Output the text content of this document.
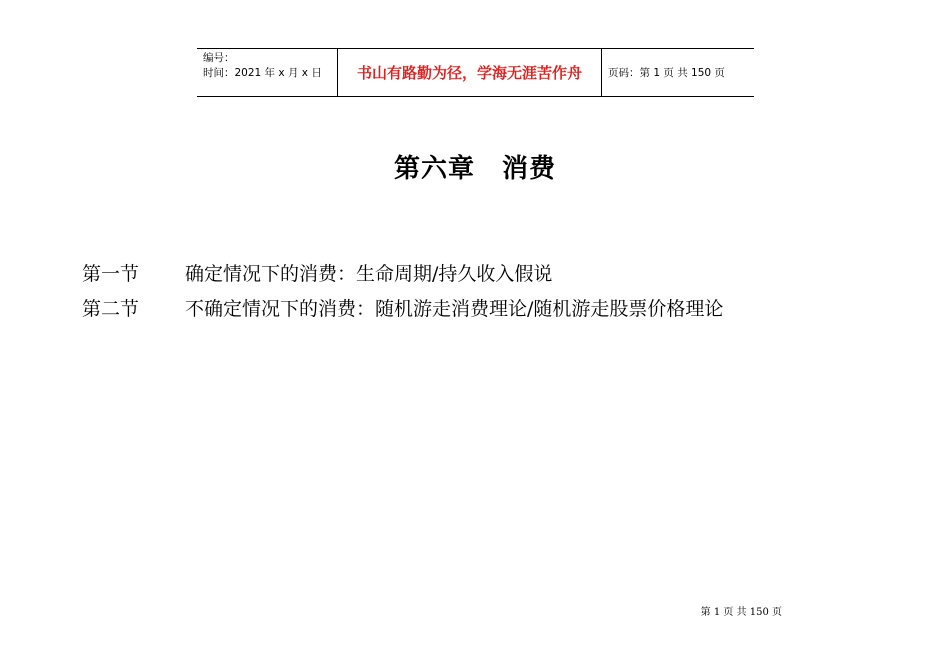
编号：
时间：2021 年 x 月 x 日	书山有路勤为径，学海无涯苦作舟 页码：第 1 页 共 150 页
第六章　消费
第一节 确定情况下的消费：生命周期/持久收入假说
第二节 不确定情况下的消费：随机游走消费理论/随机游走股票价格理论
第 1 页 共 150 页
